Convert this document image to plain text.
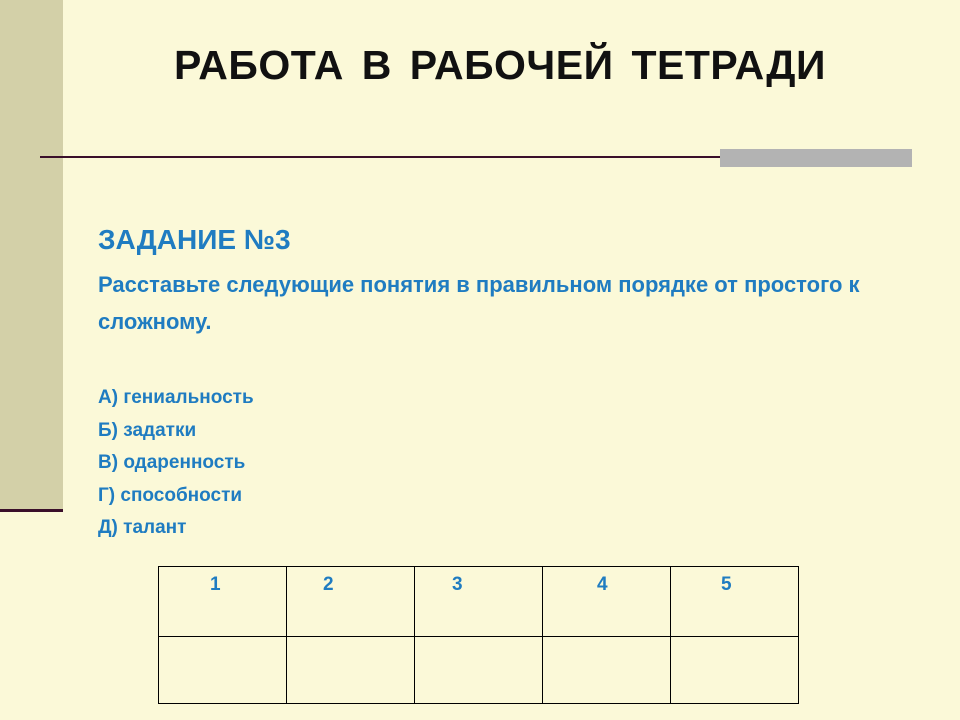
РАБОТА В РАБОЧЕЙ ТЕТРАДИ
ЗАДАНИЕ №3

Расставьте следующие понятия в правильном порядке от простого к сложному.

А) гениальность
Б) задатки
В) одаренность
Г) способности
Д) талант
1	2	3	4	5
